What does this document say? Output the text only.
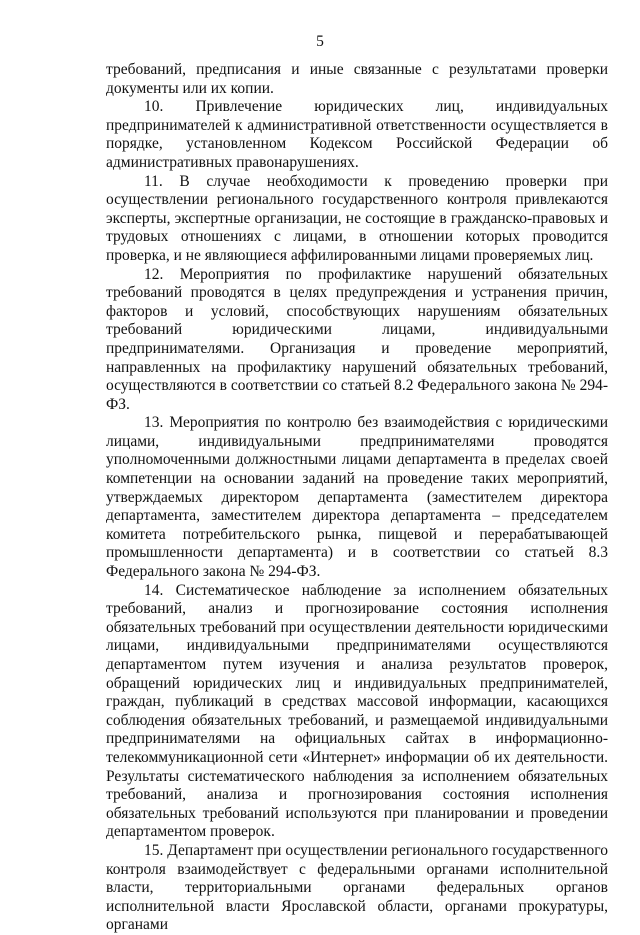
5

требований, предписания и иные связанные с результатами проверки документы или их копии.

10. Привлечение юридических лиц, индивидуальных предпринимателей к административной ответственности осуществляется в порядке, установленном Кодексом Российской Федерации об административных правонарушениях.

11. В случае необходимости к проведению проверки при осуществлении регионального государственного контроля привлекаются эксперты, экспертные организации, не состоящие в гражданско-правовых и трудовых отношениях с лицами, в отношении которых проводится проверка, и не являющиеся аффилированными лицами проверяемых лиц.

12. Мероприятия по профилактике нарушений обязательных требований проводятся в целях предупреждения и устранения причин, факторов и условий, способствующих нарушениям обязательных требований юридическими лицами, индивидуальными предпринимателями. Организация и проведение мероприятий, направленных на профилактику нарушений обязательных требований, осуществляются в соответствии со статьей 8.2 Федерального закона № 294-ФЗ.

13. Мероприятия по контролю без взаимодействия с юридическими лицами, индивидуальными предпринимателями проводятся уполномоченными должностными лицами департамента в пределах своей компетенции на основании заданий на проведение таких мероприятий, утверждаемых директором департамента (заместителем директора департамента, заместителем директора департамента – председателем комитета потребительского рынка, пищевой и перерабатывающей промышленности департамента) и в соответствии со статьей 8.3 Федерального закона № 294-ФЗ.

14. Систематическое наблюдение за исполнением обязательных требований, анализ и прогнозирование состояния исполнения обязательных требований при осуществлении деятельности юридическими лицами, индивидуальными предпринимателями осуществляются департаментом путем изучения и анализа результатов проверок, обращений юридических лиц и индивидуальных предпринимателей, граждан, публикаций в средствах массовой информации, касающихся соблюдения обязательных требований, и размещаемой индивидуальными предпринимателями на официальных сайтах в информационно-телекоммуникационной сети «Интернет» информации об их деятельности. Результаты систематического наблюдения за исполнением обязательных требований, анализа и прогнозирования состояния исполнения обязательных требований используются при планировании и проведении департаментом проверок.

15. Департамент при осуществлении регионального государственного контроля взаимодействует с федеральными органами исполнительной власти, территориальными органами федеральных органов исполнительной власти Ярославской области, органами прокуратуры, органами
